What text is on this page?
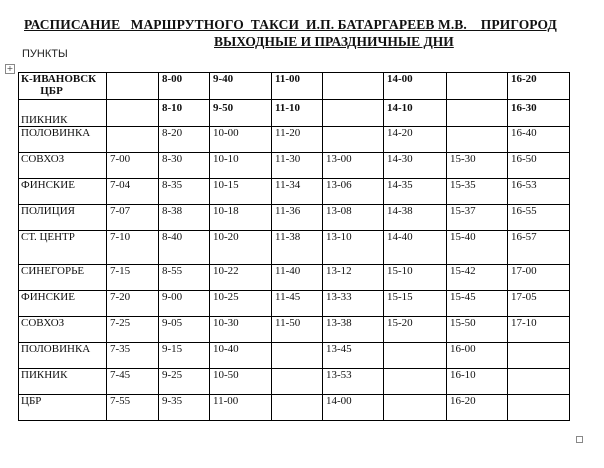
РАСПИСАНИЕ   МАРШРУТНОГО  ТАКСИ  И.П. БАТАРГАРЕЕВ М.В.    ПРИГОРОД
ВЫХОДНЫЕ И ПРАЗДНИЧНЫЕ ДНИ
ПУНКТЫ
+
К-ИВАНОВСК
ЦБР		8-00	9-40	11-00		14-00		16-20
ПИКНИК		8-10	9-50	11-10		14-10		16-30
ПОЛОВИНКА		8-20	10-00	11-20		14-20		16-40
СОВХОЗ	7-00	8-30	10-10	11-30	13-00	14-30	15-30	16-50
ФИНСКИЕ	7-04	8-35	10-15	11-34	13-06	14-35	15-35	16-53
ПОЛИЦИЯ	7-07	8-38	10-18	11-36	13-08	14-38	15-37	16-55
СТ. ЦЕНТР	7-10	8-40	10-20	11-38	13-10	14-40	15-40	16-57
СИНЕГОРЬЕ	7-15	8-55	10-22	11-40	13-12	15-10	15-42	17-00
ФИНСКИЕ	7-20	9-00	10-25	11-45	13-33	15-15	15-45	17-05
СОВХОЗ	7-25	9-05	10-30	11-50	13-38	15-20	15-50	17-10
ПОЛОВИНКА	7-35	9-15	10-40		13-45		16-00	
ПИКНИК	7-45	9-25	10-50		13-53		16-10	
ЦБР	7-55	9-35	11-00		14-00		16-20	
